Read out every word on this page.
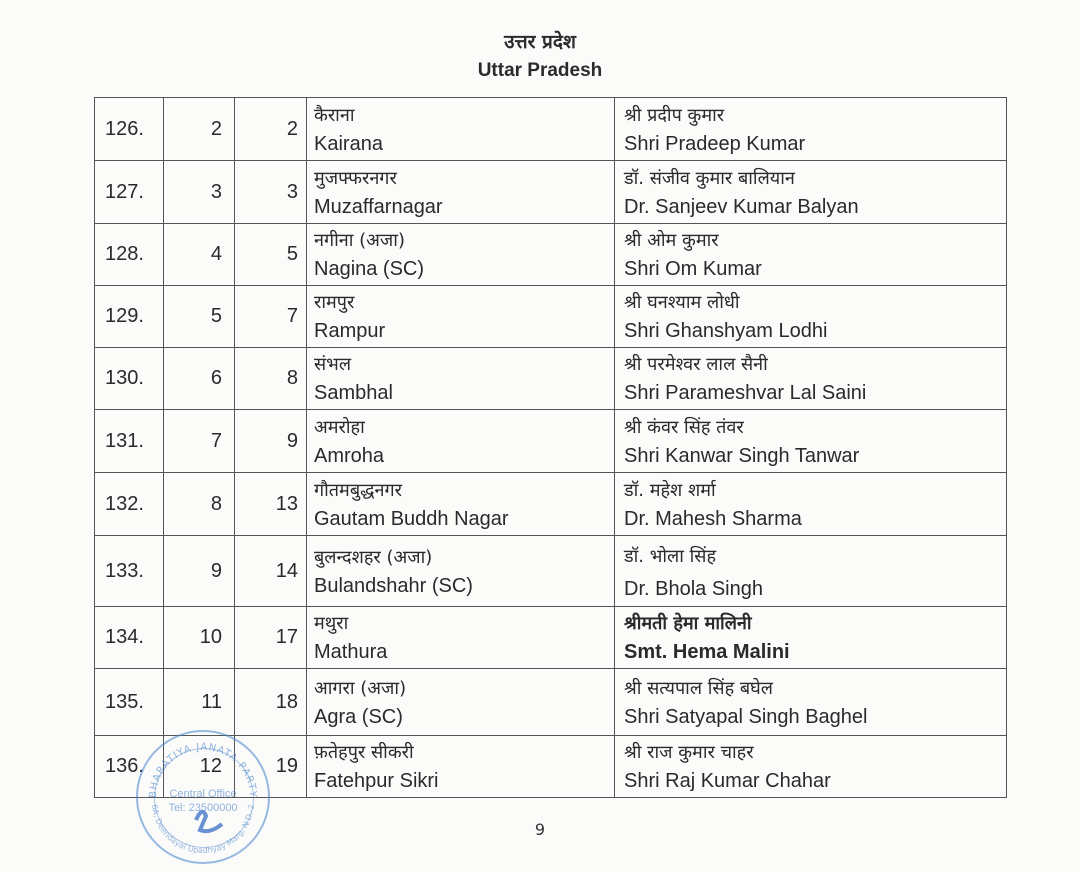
उत्तर प्रदेश
Uttar Pradesh
126.	2	2	कैराना
Kairana	श्री प्रदीप कुमार
Shri Pradeep Kumar

127.	3	3	मुजफ्फरनगर
Muzaffarnagar	डॉ. संजीव कुमार बालियान
Dr. Sanjeev Kumar Balyan

128.	4	5	नगीना (अजा)
Nagina (SC)	श्री ओम कुमार
Shri Om Kumar

129.	5	7	रामपुर
Rampur	श्री घनश्याम लोधी
Shri Ghanshyam Lodhi

130.	6	8	संभल
Sambhal	श्री परमेश्वर लाल सैनी
Shri Parameshvar Lal Saini

131.	7	9	अमरोहा
Amroha	श्री कंवर सिंह तंवर
Shri Kanwar Singh Tanwar

132.	8	13	गौतमबुद्धनगर
Gautam Buddh Nagar	डॉ. महेश शर्मा
Dr. Mahesh Sharma

133.	9	14	बुलन्दशहर (अजा)
Bulandshahr (SC)	डॉ. भोला सिंह
Dr. Bhola Singh

134.	10	17	मथुरा
Mathura	श्रीमती हेमा मालिनी
Smt. Hema Malini

135.	11	18	आगरा (अजा)
Agra (SC)	श्री सत्यपाल सिंह बघेल
Shri Satyapal Singh Baghel

136.	12	19	फ़तेहपुर सीकरी
Fatehpur Sikri	श्री राज कुमार चाहर
Shri Raj Kumar Chahar
BHARATIYA JANATA PARTY
6A, Deendayal Upadhyay Marg, N.D.-2
Central Office
Tel: 23500000
9
